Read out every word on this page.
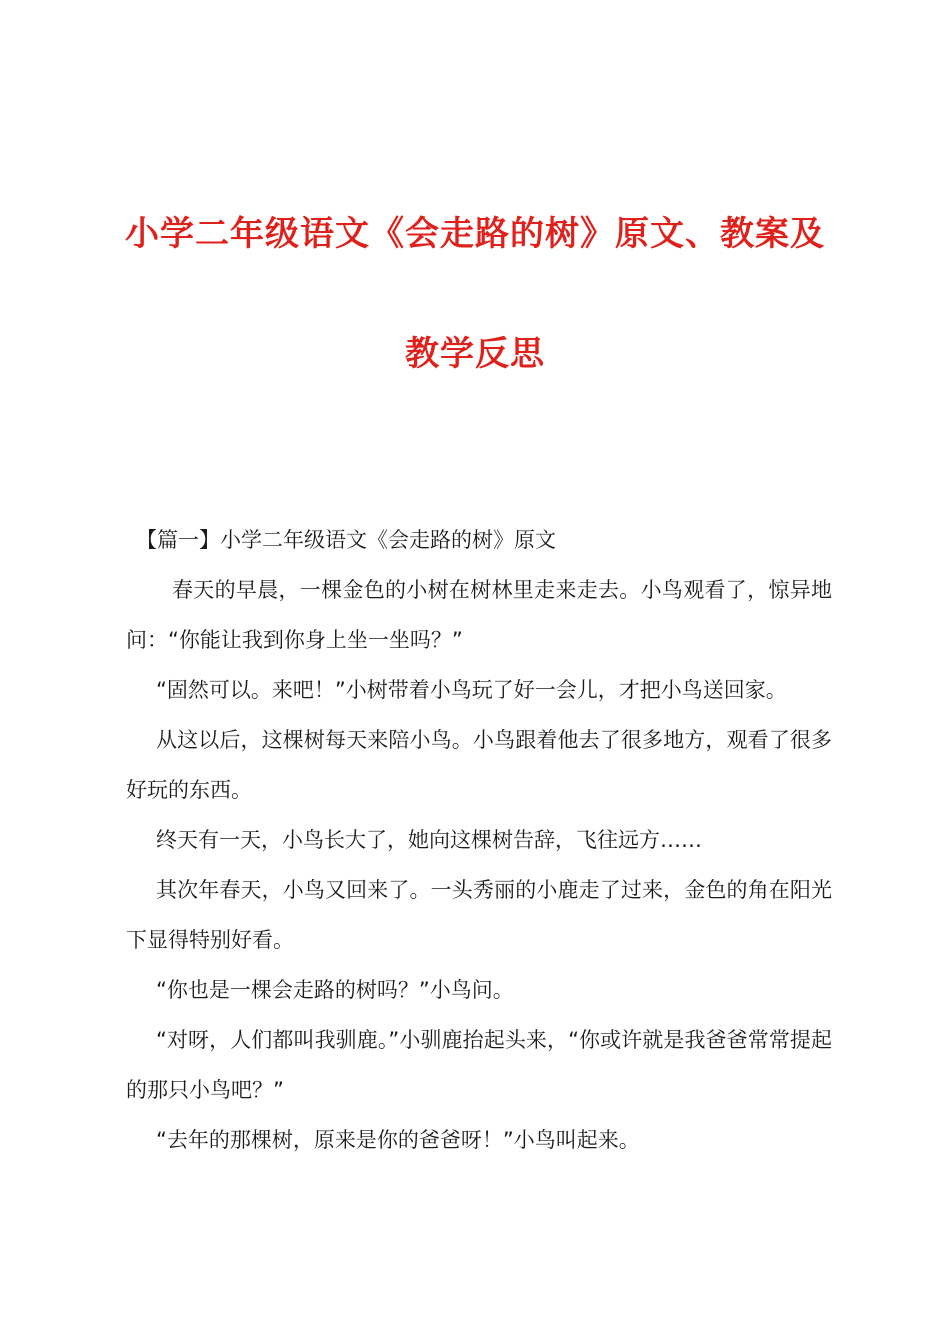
小学二年级语文《会走路的树》原文、教案及
教学反思

【篇一】小学二年级语文《会走路的树》原文

春天的早晨，一棵金色的小树在树林里走来走去。小鸟观看了，惊异地问：“你能让我到你身上坐一坐吗？”

“固然可以。来吧！”小树带着小鸟玩了好一会儿，才把小鸟送回家。

从这以后，这棵树每天来陪小鸟。小鸟跟着他去了很多地方，观看了很多好玩的东西。

终天有一天，小鸟长大了，她向这棵树告辞，飞往远方……

其次年春天，小鸟又回来了。一头秀丽的小鹿走了过来，金色的角在阳光下显得特别好看。

“你也是一棵会走路的树吗？”小鸟问。

“对呀，人们都叫我驯鹿。”小驯鹿抬起头来，“你或许就是我爸爸常常提起的那只小鸟吧？”

“去年的那棵树，原来是你的爸爸呀！”小鸟叫起来。
